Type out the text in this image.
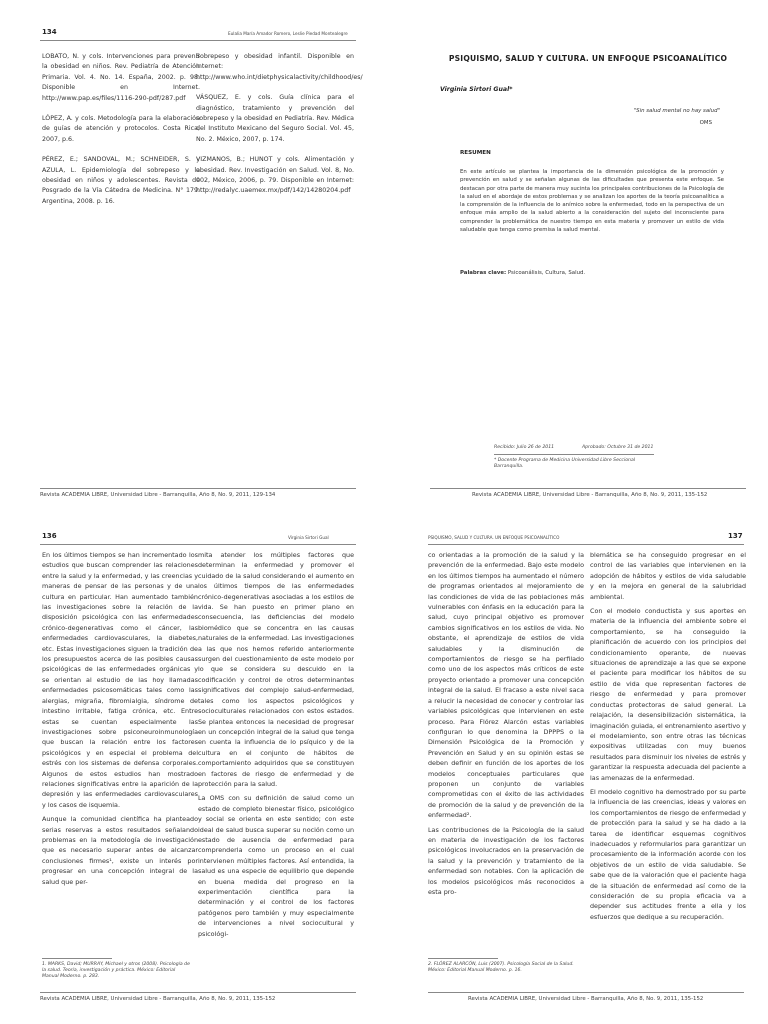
134	Eulalia María Amador Romero, Leslie Piedad Montealegre

LOBATO, N. y cols. Intervenciones para prevenir la obesidad en niños. Rev. Pediatría de Atención Primaria. Vol. 4. No. 14. España, 2002. p. 98. Disponible en Internet. http://www.pap.es/files/1116-290-pdf/287.pdf

LÓPEZ, A. y cols. Metodología para la elaboración de guías de atención y protocolos. Costa Rica, 2007, p.6.

PÉREZ, E.; SANDOVAL, M.; SCHNEIDER, S. y AZULA, L. Epidemiología del sobrepeso y la obesidad en niños y adolescentes. Revista de Posgrado de la Vía Cátedra de Medicina. N° 179. Argentina, 2008. p. 16.

Sobrepeso y obesidad infantil. Disponible en Internet: http://www.who.int/dietphysicalactivity/childhood/es/

VÁSQUEZ, E. y cols. Guía clínica para el diagnóstico, tratamiento y prevención del sobrepeso y la obesidad en Pediatría. Rev. Médica del Instituto Mexicano del Seguro Social. Vol. 45, No. 2. México, 2007, p. 174.

VIZMANOS, B.; HUNOT y cols. Alimentación y obesidad. Rev. Investigación en Salud. Vol. 8, No. 002, México, 2006, p. 79. Disponible en Internet: http://redalyc.uaemex.mx/pdf/142/14280204.pdf

Revista ACADEMIA LIBRE, Universidad Libre - Barranquilla, Año 8, No. 9, 2011, 129-134
PSIQUISMO, SALUD Y CULTURA. UN ENFOQUE PSICOANALÍTICO
Virginia Sirtori Gual*
"Sin salud mental no hay salud"
OMS
RESUMEN
En este artículo se plantea la importancia de la dimensión psicológica de la promoción y prevención en salud y se señalan algunas de las dificultades que presenta este enfoque. Se destacan por otra parte de manera muy sucinta los principales contribuciones de la Psicología de la salud en el abordaje de estos problemas y se analizan los aportes de la teoría psicoanalítica a la comprensión de la influencia de lo anímico sobre la enfermedad, todo en la perspectiva de un enfoque más amplio de la salud abierto a la consideración del sujeto del inconsciente para comprender la problemática de nuestro tiempo en esta materia y promover un estilo de vida saludable que tenga como premisa la salud mental.
Palabras clave: Psicoanálisis, Cultura, Salud.
Recibido: Julio 26 de 2011	Aprobado: Octubre 31 de 2011
* Docente Programa de Medicina Universidad Libre Seccional Barranquilla.
Revista ACADEMIA LIBRE, Universidad Libre - Barranquilla, Año 8, No. 9, 2011, 135-152
136	Virginia Sirtori Gual

En los últimos tiempos se han incrementado los estudios que buscan comprender las relaciones entre la salud y la enfermedad, y las creencias y maneras de pensar de las personas y de una cultura en particular. Han aumentado también las investigaciones sobre la relación de la disposición psicológica con las enfermedades crónico-degenerativas como el cáncer, las enfermedades cardiovasculares, la diabetes, etc. Estas investigaciones siguen la tradición de los presupuestos acerca de las posibles causas psicológicas de las enfermedades orgánicas y se orientan al estudio de las hoy llamadas enfermedades psicosomáticas tales como las alergias, migraña, fibromialgia, síndrome de intestino irritable, fatiga crónica, etc. Entre estas se cuentan especialmente las investigaciones sobre psiconeuroinmunología que buscan la relación entre los factores psicológicos y en especial el problema del estrés con los sistemas de defensa corporales. Algunos de estos estudios han mostrado relaciones significativas entre la aparición de la depresión y las enfermedades cardiovasculares y los casos de isquemia.

Aunque la comunidad científica ha planteado serias reservas a estos resultados señalando problemas en la metodología de investigación que es necesario superar antes de alcanzar conclusiones firmes¹, existe un interés por progresar en una concepción integral de la salud que per-

mita atender los múltiples factores que determinan la enfermedad y promover el cuidado de la salud considerando el aumento en los últimos tiempos de las enfermedades crónico-degenerativas asociadas a los estilos de vida. Se han puesto en primer plano en consecuencia, las deficiencias del modelo biomédico que se concentra en las causas naturales de la enfermedad. Las investigaciones a las que nos hemos referido anteriormente surgen del cuestionamiento de este modelo por lo que se considera su descuido en la codificación y control de otros determinantes significativos del complejo salud-enfermedad, tales como los aspectos psicológicos y socioculturales relacionados con estos estados. Se plantea entonces la necesidad de progresar en un concepción integral de la salud que tenga en cuenta la influencia de lo psíquico y de la cultura en el conjunto de hábitos de comportamiento adquiridos que se constituyen en factores de riesgo de enfermedad y de protección para la salud.

La OMS con su definición de salud como un estado de completo bienestar físico, psicológico y social se orienta en este sentido; con este ideal de salud busca superar su noción como un estado de ausencia de enfermedad para comprenderla como un proceso en el cual intervienen múltiples factores. Así entendida, la salud es una especie de equilibrio que depende en buena medida del progreso en la experimentación científica para la determinación y el control de los factores patógenos pero también y muy especialmente de intervenciones a nivel sociocultural y psicológi-

1. MARKS, David; MURRAY, Michael y otros (2008). Psicología de la salud. Teoría, investigación y práctica. México: Editorial Manual Moderno. p. 283.
Revista ACADEMIA LIBRE, Universidad Libre - Barranquilla, Año 8, No. 9, 2011, 135-152
PSIQUISMO, SALUD Y CULTURA. UN ENFOQUE PSICOANALÍTICO	137

co orientadas a la promoción de la salud y la prevención de la enfermedad. Bajo este modelo en los últimos tiempos ha aumentado el número de programas orientados al mejoramiento de las condiciones de vida de las poblaciones más vulnerables con énfasis en la educación para la salud, cuyo principal objetivo es promover cambios significativos en los estilos de vida. No obstante, el aprendizaje de estilos de vida saludables y la disminución de comportamientos de riesgo se ha perfilado como uno de los aspectos más críticos de este proyecto orientado a promover una concepción integral de la salud. El fracaso a este nivel saca a relucir la necesidad de conocer y controlar las variables psicológicas que intervienen en este proceso. Para Flórez Alarcón estas variables configuran lo que denomina la DPPPS o la Dimensión Psicológica de la Promoción y Prevención en Salud y en su opinión estas se deben definir en función de los aportes de los modelos conceptuales particulares que proponen un conjunto de variables comprometidas con el éxito de las actividades de promoción de la salud y de prevención de la enfermedad².

Las contribuciones de la Psicología de la salud en materia de investigación de los factores psicológicos involucrados en la preservación de la salud y la prevención y tratamiento de la enfermedad son notables. Con la aplicación de los modelos psicológicos más reconocidos a esta pro-

blemática se ha conseguido progresar en el control de las variables que intervienen en la adopción de hábitos y estilos de vida saludable y en la mejora en general de la salubridad ambiental.

Con el modelo conductista y sus aportes en materia de la influencia del ambiente sobre el comportamiento, se ha conseguido la planificación de acuerdo con los principios del condicionamiento operante, de nuevas situaciones de aprendizaje a las que se expone el paciente para modificar los hábitos de su estilo de vida que representan factores de riesgo de enfermedad y para promover conductas protectoras de salud general. La relajación, la desensibilización sistemática, la imaginación guiada, el entrenamiento asertivo y el modelamiento, son entre otras las técnicas expositivas utilizadas con muy buenos resultados para disminuir los niveles de estrés y garantizar la respuesta adecuada del paciente a las amenazas de la enfermedad.

El modelo cognitivo ha demostrado por su parte la influencia de las creencias, ideas y valores en los comportamientos de riesgo de enfermedad y de protección para la salud y se ha dado a la tarea de identificar esquemas cognitivos inadecuados y reformularlos para garantizar un procesamiento de la información acorde con los objetivos de un estilo de vida saludable. Se sabe que de la valoración que el paciente haga de la situación de enfermedad así como de la consideración de su propia eficacia va a depender sus actitudes frente a ella y los esfuerzos que dedique a su recuperación.

2. FLÓREZ ALARCÓN, Luis (2007). Psicología Social de la Salud. México: Editorial Manual Moderno. p. 16.
Revista ACADEMIA LIBRE, Universidad Libre - Barranquilla, Año 8, No. 9, 2011, 135-152
